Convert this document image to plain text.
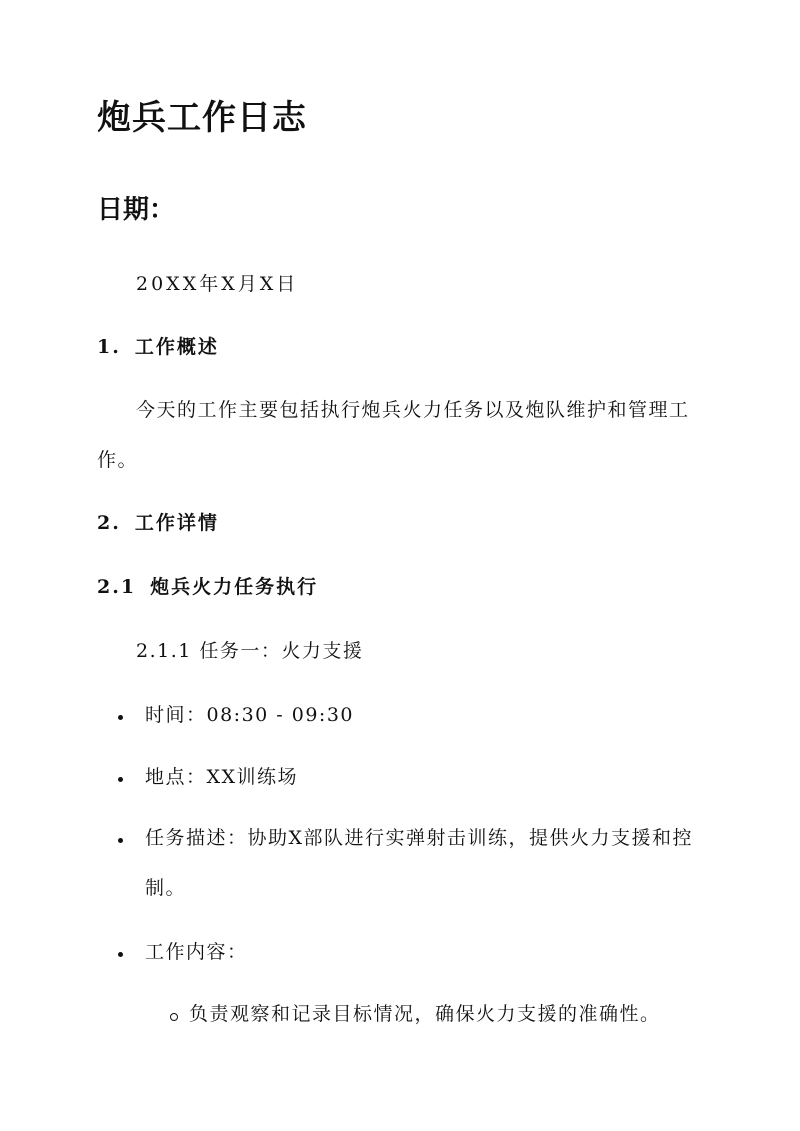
炮兵工作日志
日期：
20XX年X月X日
1. 工作概述
今天的工作主要包括执行炮兵火力任务以及炮队维护和管理工
作。
2. 工作详情
2.1 炮兵火力任务执行
2.1.1 任务一：火力支援
时间：08:30 - 09:30
地点：XX训练场
任务描述：协助X部队进行实弹射击训练，提供火力支援和控
制。
工作内容：
负责观察和记录目标情况，确保火力支援的准确性。
